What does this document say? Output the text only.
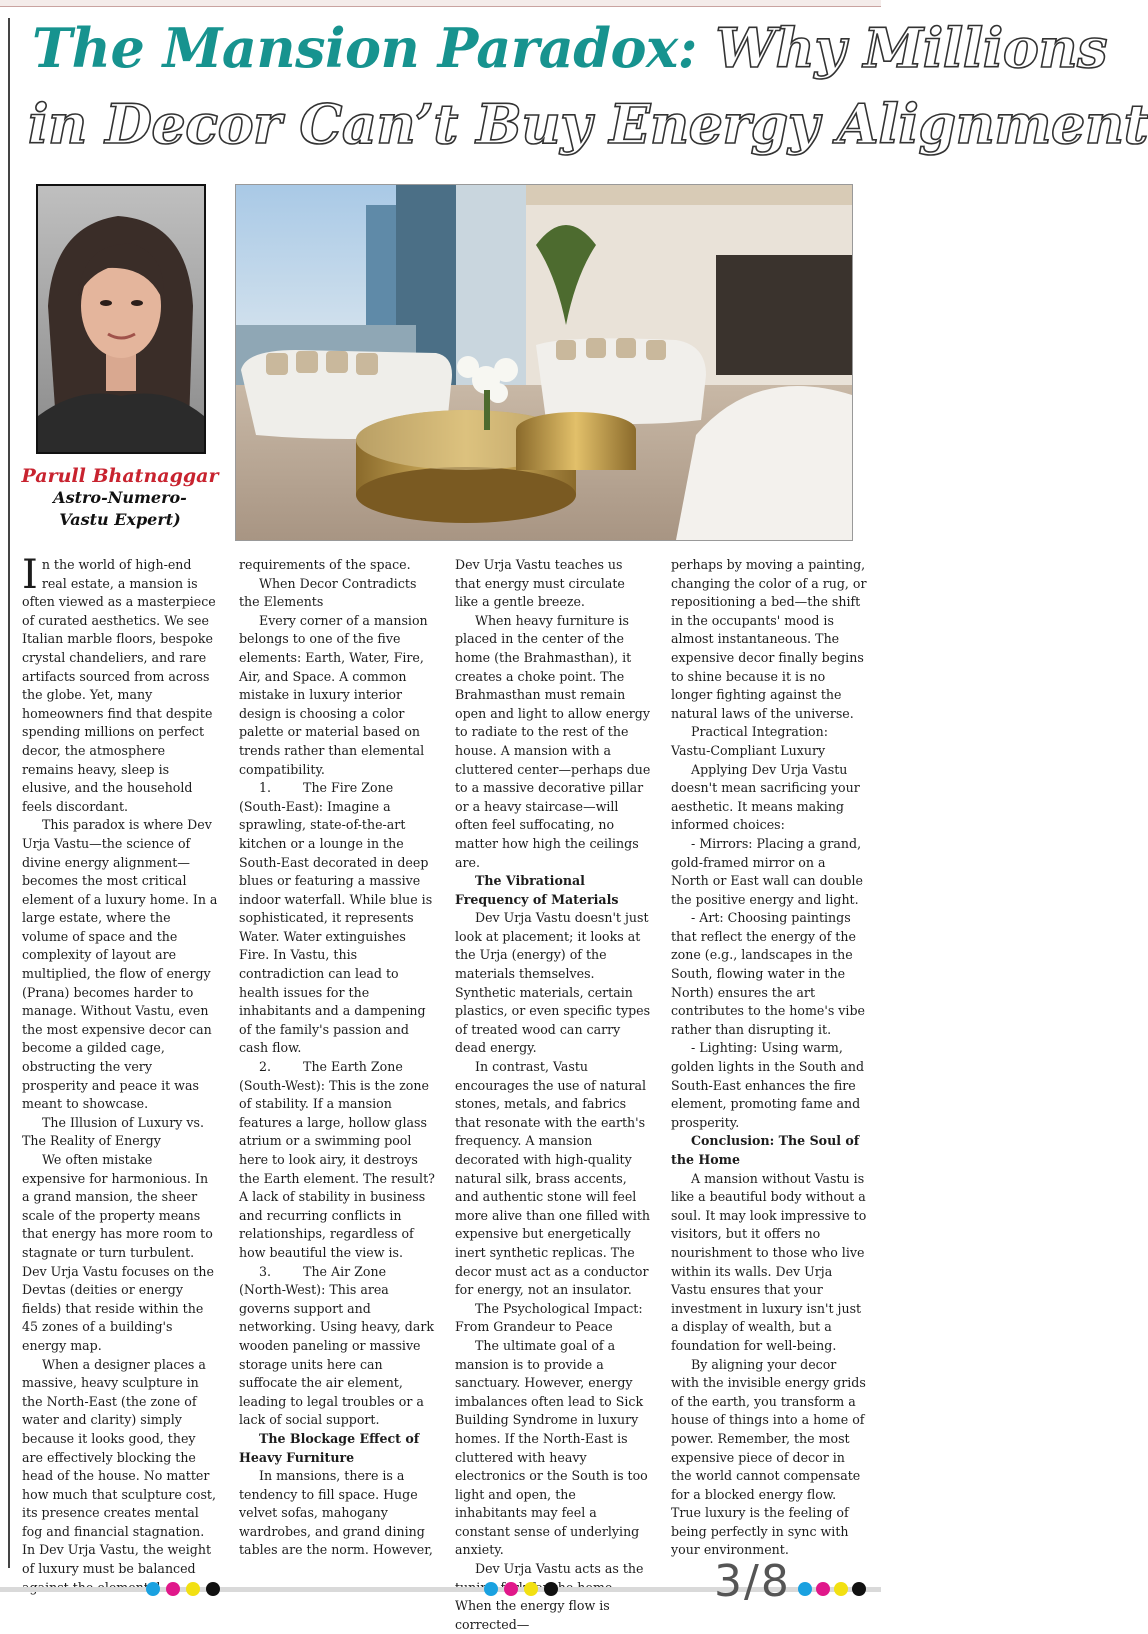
The Mansion Paradox: Why Millions
in Decor Can’t Buy Energy Alignment
Parull Bhatnaggar
Astro-Numero-
Vastu Expert)

In the world of high-end real estate, a mansion is often viewed as a masterpiece of curated aesthetics. We see Italian marble floors, bespoke crystal chandeliers, and rare artifacts sourced from across the globe. Yet, many homeowners find that despite spending millions on perfect decor, the atmosphere remains heavy, sleep is elusive, and the household feels discordant.

This paradox is where Dev Urja Vastu—the science of divine energy alignment—becomes the most critical element of a luxury home. In a large estate, where the volume of space and the complexity of layout are multiplied, the flow of energy (Prana) becomes harder to manage. Without Vastu, even the most expensive decor can become a gilded cage, obstructing the very prosperity and peace it was meant to showcase.

The Illusion of Luxury vs. The Reality of Energy

We often mistake expensive for harmonious. In a grand mansion, the sheer scale of the property means that energy has more room to stagnate or turn turbulent. Dev Urja Vastu focuses on the Devtas (deities or energy fields) that reside within the 45 zones of a building's energy map.

When a designer places a massive, heavy sculpture in the North-East (the zone of water and clarity) simply because it looks good, they are effectively blocking the head of the house. No matter how much that sculpture cost, its presence creates mental fog and financial stagnation. In Dev Urja Vastu, the weight of luxury must be balanced

requirements of the space.

When Decor Contradicts the Elements

Every corner of a mansion belongs to one of the five elements: Earth, Water, Fire, Air, and Space. A common mistake in luxury interior design is choosing a color palette or material based on trends rather than elemental compatibility.

1.        The Fire Zone (South-East): Imagine a sprawling, state-of-the-art kitchen or a lounge in the South-East decorated in deep blues or featuring a massive indoor waterfall. While blue is sophisticated, it represents Water. Water extinguishes Fire. In Vastu, this contradiction can lead to health issues for the inhabitants and a dampening of the family's passion and cash flow.

2.        The Earth Zone (South-West): This is the zone of stability. If a mansion features a large, hollow glass atrium or a swimming pool here to look airy, it destroys the Earth element. The result? A lack of stability in business and recurring conflicts in relationships, regardless of how beautiful the view is.

3.        The Air Zone (North-West): This area governs support and networking. Using heavy, dark wooden paneling or massive storage units here can suffocate the air element, leading to legal troubles or a lack of social support.

The Blockage Effect of Heavy Furniture

In mansions, there is a tendency to fill space. Huge velvet sofas, mahogany wardrobes, and grand dining tables are the norm. However,

Dev Urja Vastu teaches us that energy must circulate like a gentle breeze.

When heavy furniture is placed in the center of the home (the Brahmasthan), it creates a choke point. The Brahmasthan must remain open and light to allow energy to radiate to the rest of the house. A mansion with a cluttered center—perhaps due to a massive decorative pillar or a heavy staircase—will often feel suffocating, no matter how high the ceilings are.

The Vibrational Frequency of Materials

Dev Urja Vastu doesn't just look at placement; it looks at the Urja (energy) of the materials themselves. Synthetic materials, certain plastics, or even specific types of treated wood can carry dead energy.

In contrast, Vastu encourages the use of natural stones, metals, and fabrics that resonate with the earth's frequency. A mansion decorated with high-quality natural silk, brass accents, and authentic stone will feel more alive than one filled with expensive but energetically inert synthetic replicas. The decor must act as a conductor for energy, not an insulator.

The Psychological Impact: From Grandeur to Peace

The ultimate goal of a mansion is to provide a sanctuary. However, energy imbalances often lead to Sick Building Syndrome in luxury homes. If the North-East is cluttered with heavy electronics or the South is too light and open, the inhabitants may feel a constant sense of underlying anxiety.

Dev Urja Vastu acts as the When the energy flow is corrected—

perhaps by moving a painting, changing the color of a rug, or repositioning a bed—the shift in the occupants' mood is almost instantaneous. The expensive decor finally begins to shine because it is no longer fighting against the natural laws of the universe.

Practical Integration: Vastu-Compliant Luxury

Applying Dev Urja Vastu doesn't mean sacrificing your aesthetic. It means making informed choices:

- Mirrors: Placing a grand, gold-framed mirror on a North or East wall can double the positive energy and light.

- Art: Choosing paintings that reflect the energy of the zone (e.g., landscapes in the South, flowing water in the North) ensures the art contributes to the home's vibe rather than disrupting it.

- Lighting: Using warm, golden lights in the South and South-East enhances the fire element, promoting fame and prosperity.

Conclusion: The Soul of the Home

A mansion without Vastu is like a beautiful body without a soul. It may look impressive to visitors, but it offers no nourishment to those who live within its walls. Dev Urja Vastu ensures that your investment in luxury isn't just a display of wealth, but a foundation for well-being.

By aligning your decor with the invisible energy grids of the earth, you transform a house of things into a home of power. Remember, the most expensive piece of decor in the world cannot compensate for a blocked energy flow. True luxury is the feeling of being perfectly in sync with your environment.

3/8
